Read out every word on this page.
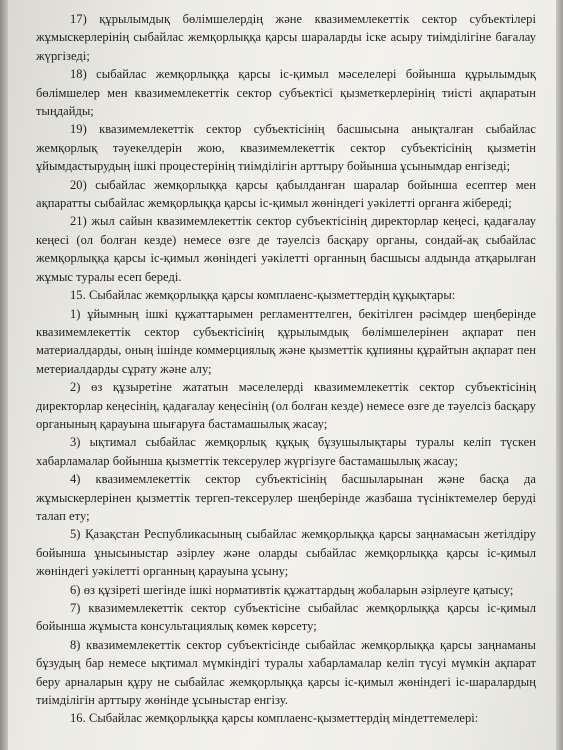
17) құрылымдық бөлімшелердің және квазимемлекеттік сектор субъектілері жұмыскерлерінің сыбайлас жемқорлыққа қарсы шараларды іске асыру тиімділігіне бағалау жүргізеді;

18) сыбайлас жемқорлыққа қарсы іс-қимыл мәселелері бойынша құрылымдық бөлімшелер мен квазимемлекеттік сектор субъектісі қызметкерлерінің тиісті ақпаратын тыңдайды;

19) квазимемлекеттік сектор субъектісінің басшысына анықталған сыбайлас жемқорлық тәуекелдерін жою, квазимемлекеттік сектор субъектісінің қызметін ұйымдастырудың ішкі процестерінің тиімділігін арттыру бойынша ұсынымдар енгізеді;

20) сыбайлас жемқорлыққа қарсы қабылданған шаралар бойынша есептер мен ақпаратты сыбайлас жемқорлыққа қарсы іс-қимыл жөніндегі уәкілетті органға жібереді;

21) жыл сайын квазимемлекеттік сектор субъектісінің директорлар кеңесі, қадағалау кеңесі (ол болған кезде) немесе өзге де тәуелсіз басқару органы, сондай-ақ сыбайлас жемқорлыққа қарсы іс-қимыл жөніндегі уәкілетті органның басшысы алдында атқарылған жұмыс туралы есеп береді.

15. Сыбайлас жемқорлыққа қарсы комплаенс-қызметтердің құқықтары:

1) ұйымның ішкі құжаттарымен регламенттелген, бекітілген рәсімдер шеңберінде квазимемлекеттік сектор субъектісінің құрылымдық бөлімшелерінен ақпарат пен материалдарды, оның ішінде коммерциялық және қызметтік құпияны құрайтын ақпарат пен метериалдарды сұрату және алу;

2) өз құзыретіне жататын мәселелерді квазимемлекеттік сектор субъектісінің директорлар кеңесінің, қадағалау кеңесінің (ол болған кезде) немесе өзге де тәуелсіз басқару органының қарауына шығаруға бастамашылық жасау;

3) ықтимал сыбайлас жемқорлық құқық бұзушылықтары туралы келіп түскен хабарламалар бойынша қызметтік тексерулер жүргізуге бастамашылық жасау;

4) квазимемлекеттік сектор субъектісінің басшыларынан және басқа да жұмыскерлерінен қызметтік тергеп-тексерулер шеңберінде жазбаша түсініктемелер беруді талап ету;

5) Қазақстан Республикасының сыбайлас жемқорлыққа қарсы заңнамасын жетілдіру бойынша ұнысыныстар әзірлеу және оларды сыбайлас жемқорлыққа қарсы іс-қимыл жөніндегі уәкілетті органның қарауына ұсыну;

6) өз құзіреті шегінде ішкі нормативтік құжаттардың жобаларын әзірлеуге қатысу;

7) квазимемлекеттік сектор субъектісіне сыбайлас жемқорлыққа қарсы іс-қимыл бойынша жұмыста консультациялық көмек көрсету;

8) квазимемлекеттік сектор субъектісінде сыбайлас жемқорлыққа қарсы заңнаманы бұзудың бар немесе ықтимал мүмкіндігі туралы хабарламалар келіп түсуі мүмкін ақпарат беру арналарын құру не сыбайлас жемқорлыққа қарсы іс-қимыл жөніндегі іс-шаралардың тиімділігін арттыру жөнінде ұсыныстар енгізу.

16. Сыбайлас жемқорлыққа қарсы комплаенс-қызметтердің міндеттемелері:
